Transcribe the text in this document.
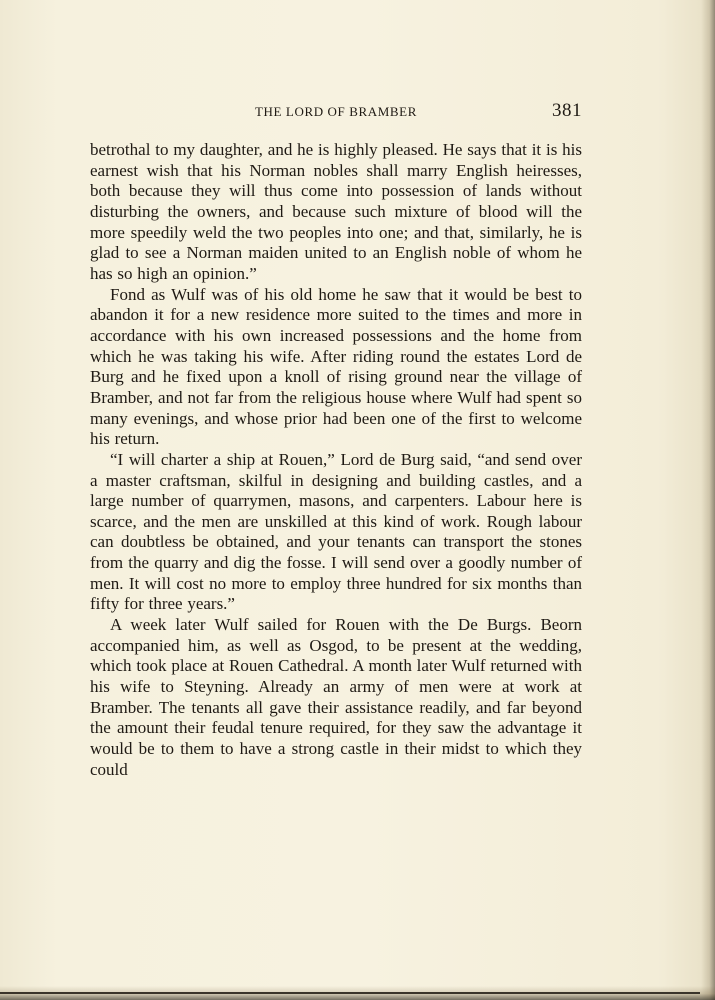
THE LORD OF BRAMBER	381

betrothal to my daughter, and he is highly pleased. He says that it is his earnest wish that his Norman nobles shall marry English heiresses, both because they will thus come into possession of lands without disturbing the owners, and because such mixture of blood will the more speedily weld the two peoples into one; and that, similarly, he is glad to see a Norman maiden united to an English noble of whom he has so high an opinion.”

Fond as Wulf was of his old home he saw that it would be best to abandon it for a new residence more suited to the times and more in accordance with his own increased possessions and the home from which he was taking his wife. After riding round the estates Lord de Burg and he fixed upon a knoll of rising ground near the village of Bramber, and not far from the religious house where Wulf had spent so many evenings, and whose prior had been one of the first to welcome his return.

“I will charter a ship at Rouen,” Lord de Burg said, “and send over a master craftsman, skilful in designing and building castles, and a large number of quarrymen, masons, and carpenters. Labour here is scarce, and the men are unskilled at this kind of work. Rough labour can doubtless be obtained, and your tenants can transport the stones from the quarry and dig the fosse. I will send over a goodly number of men. It will cost no more to employ three hundred for six months than fifty for three years.”

A week later Wulf sailed for Rouen with the De Burgs. Beorn accompanied him, as well as Osgod, to be present at the wedding, which took place at Rouen Cathedral. A month later Wulf returned with his wife to Steyning. Already an army of men were at work at Bramber. The tenants all gave their assistance readily, and far beyond the amount their feudal tenure required, for they saw the advantage it would be to them to have a strong castle in their midst to which they could
